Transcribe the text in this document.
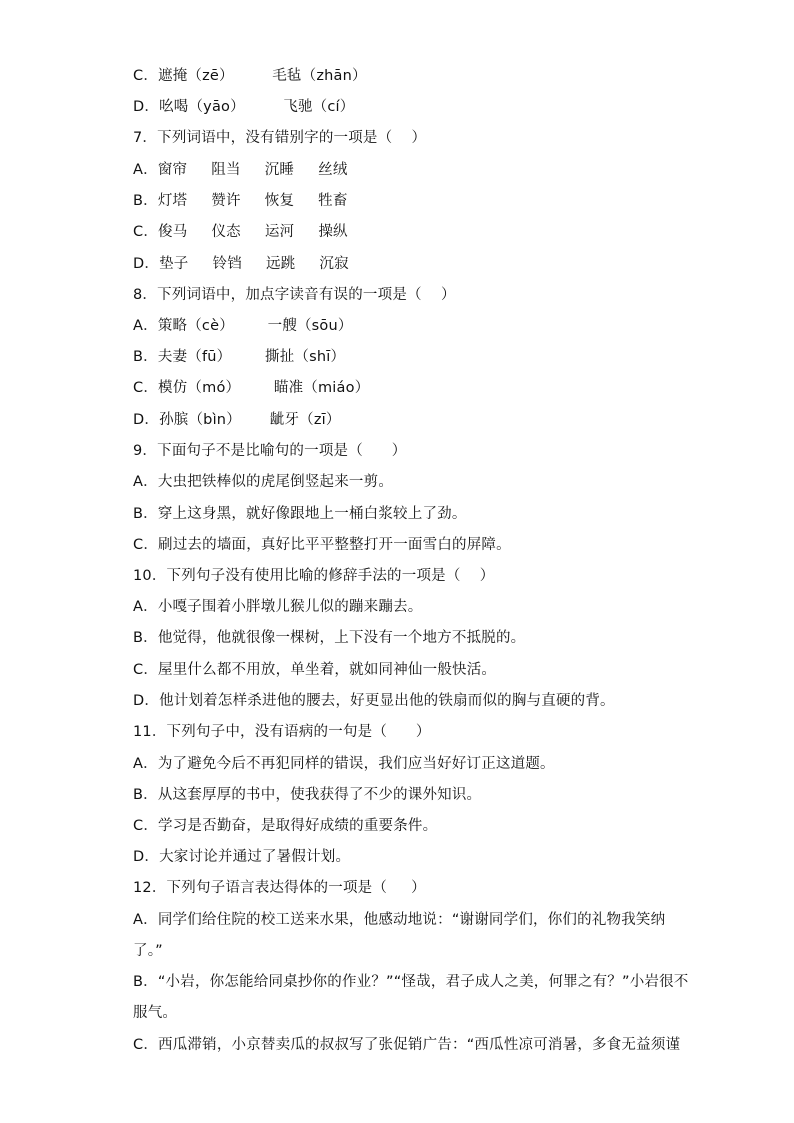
C．遮掩（zē）        毛毡（zhān）
D．吆喝（yāo）        飞驰（cí）
7．下列词语中，没有错别字的一项是（    ）
A．窗帘     阻当     沉睡     丝绒
B．灯塔     赞许     恢复     牲畜
C．俊马     仪态     运河     操纵
D．垫子     铃铛     远跳     沉寂
8．下列词语中，加点字读音有误的一项是（    ）
A．策略（cè）       一艘（sōu）
B．夫妻（fū）       撕扯（shī）
C．模仿（mó）       瞄准（miáo）
D．孙膑（bìn）      龇牙（zī）
9．下面句子不是比喻句的一项是（      ）
A．大虫把铁棒似的虎尾倒竖起来一剪。
B．穿上这身黑，就好像跟地上一桶白浆较上了劲。
C．刷过去的墙面，真好比平平整整打开一面雪白的屏障。
10．下列句子没有使用比喻的修辞手法的一项是（    ）
A．小嘎子围着小胖墩儿猴儿似的蹦来蹦去。
B．他觉得，他就很像一棵树，上下没有一个地方不抵脱的。
C．屋里什么都不用放，单坐着，就如同神仙一般快活。
D．他计划着怎样杀进他的腰去，好更显出他的铁扇而似的胸与直硬的背。
11．下列句子中，没有语病的一句是（      ）
A．为了避免今后不再犯同样的错误，我们应当好好订正这道题。
B．从这套厚厚的书中，使我获得了不少的课外知识。
C．学习是否勤奋，是取得好成绩的重要条件。
D．大家讨论并通过了暑假计划。
12．下列句子语言表达得体的一项是（     ）
A．同学们给住院的校工送来水果，他感动地说：“谢谢同学们，你们的礼物我笑纳
了。”
B．“小岩，你怎能给同桌抄你的作业？”“怪哉，君子成人之美，何罪之有？”小岩很不
服气。
C．西瓜滞销，小京替卖瓜的叔叔写了张促销广告：“西瓜性凉可消暑，多食无益须谨
